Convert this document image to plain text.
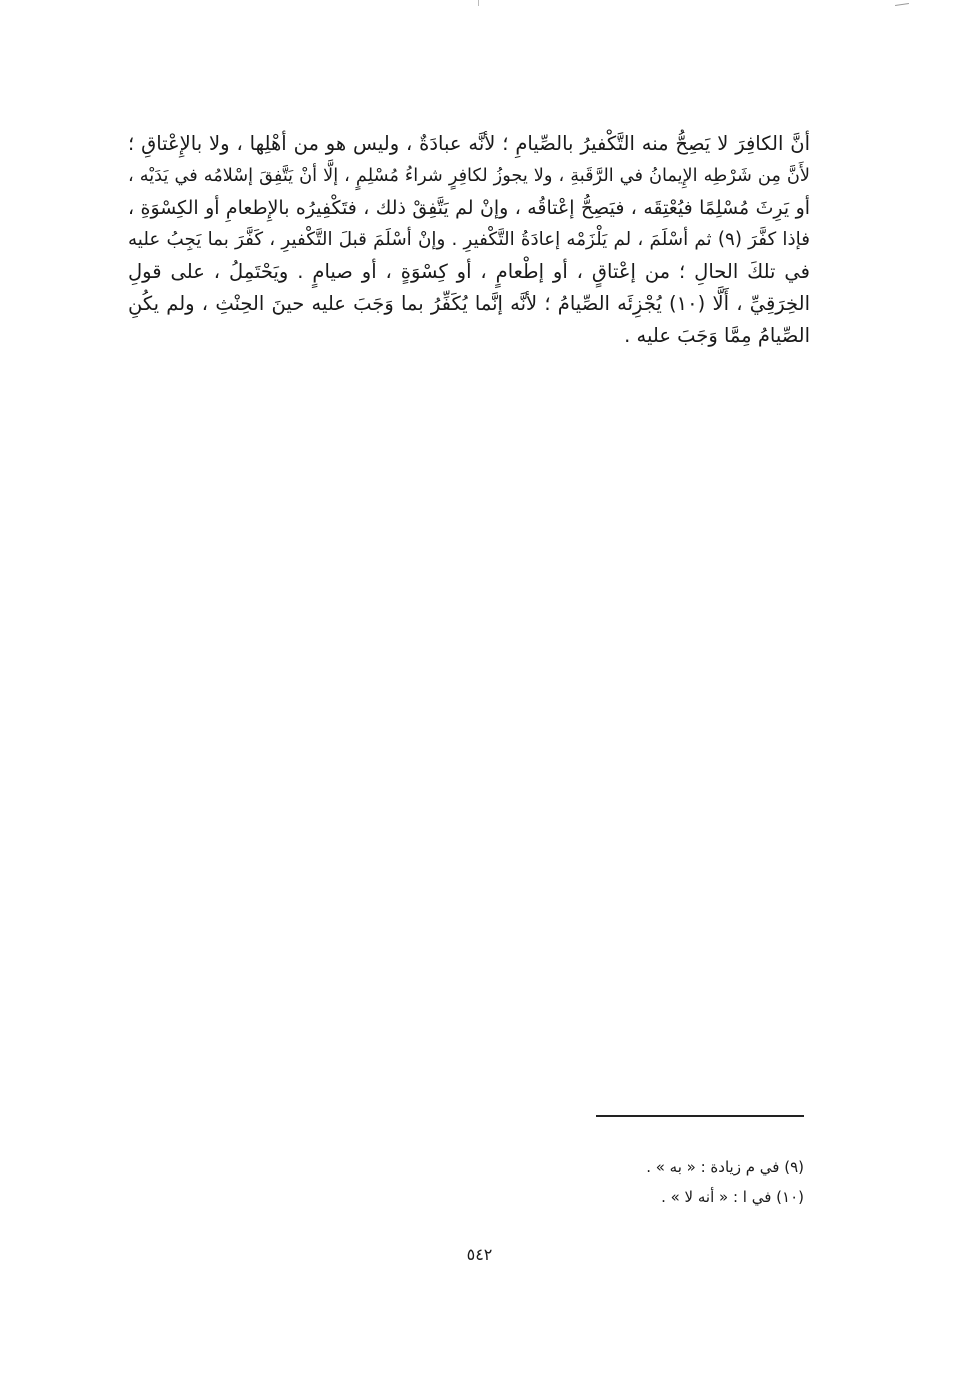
أنَّ الكافِرَ لا يَصِحُّ منه التَّكْفيرُ بالصِّيامِ ؛ لأنَّه عبادَةٌ ، وليس هو من أهْلِها ، ولا بالإِعْتاقِ ؛
لأَنَّ مِن شَرْطِه الإِيمانُ في الرَّقَبةِ ، ولا يجوزُ لكافِرٍ شراءُ مُسْلِمٍ ، إلَّا أنْ يَتَّفِقَ إسْلامُه في يَدَيْه ،
أو يَرِثَ مُسْلِمًا فيُعْتِقَه ، فيَصِحُّ إعْتاقُه ، وإنْ لم يَتَّفِقْ ذلك ، فتَكْفِيرُه بالإِطعامِ أو الكِسْوَةِ ،
فإذا كفَّرَ (٩) ثم أسْلَمَ ، لم يَلْزَمْه إعادَةُ التَّكْفيرِ . وإنْ أسْلَمَ قبلَ التَّكْفيرِ ، كَفَّرَ بما يَجِبُ عليه
في تلكَ الحالِ ؛ من إعْتاقٍ ، أو إطْعامٍ ، أو كِسْوَةٍ ، أو صيامٍ . ويَحْتَمِلُ ، على قولِ
الخِرَقِيِّ ، أَلَّا (١٠) يُجْزِئَه الصِّيامُ ؛ لأنَّه إنَّما يُكَفِّرُ بما وَجَبَ عليه حينَ الحِنْثِ ، ولم يكُنِ
الصِّيامُ مِمَّا وَجَبَ عليه .
(٩) في م زيادة : « به » .
(١٠) في ا : « أنه لا » .
٥٤٢
